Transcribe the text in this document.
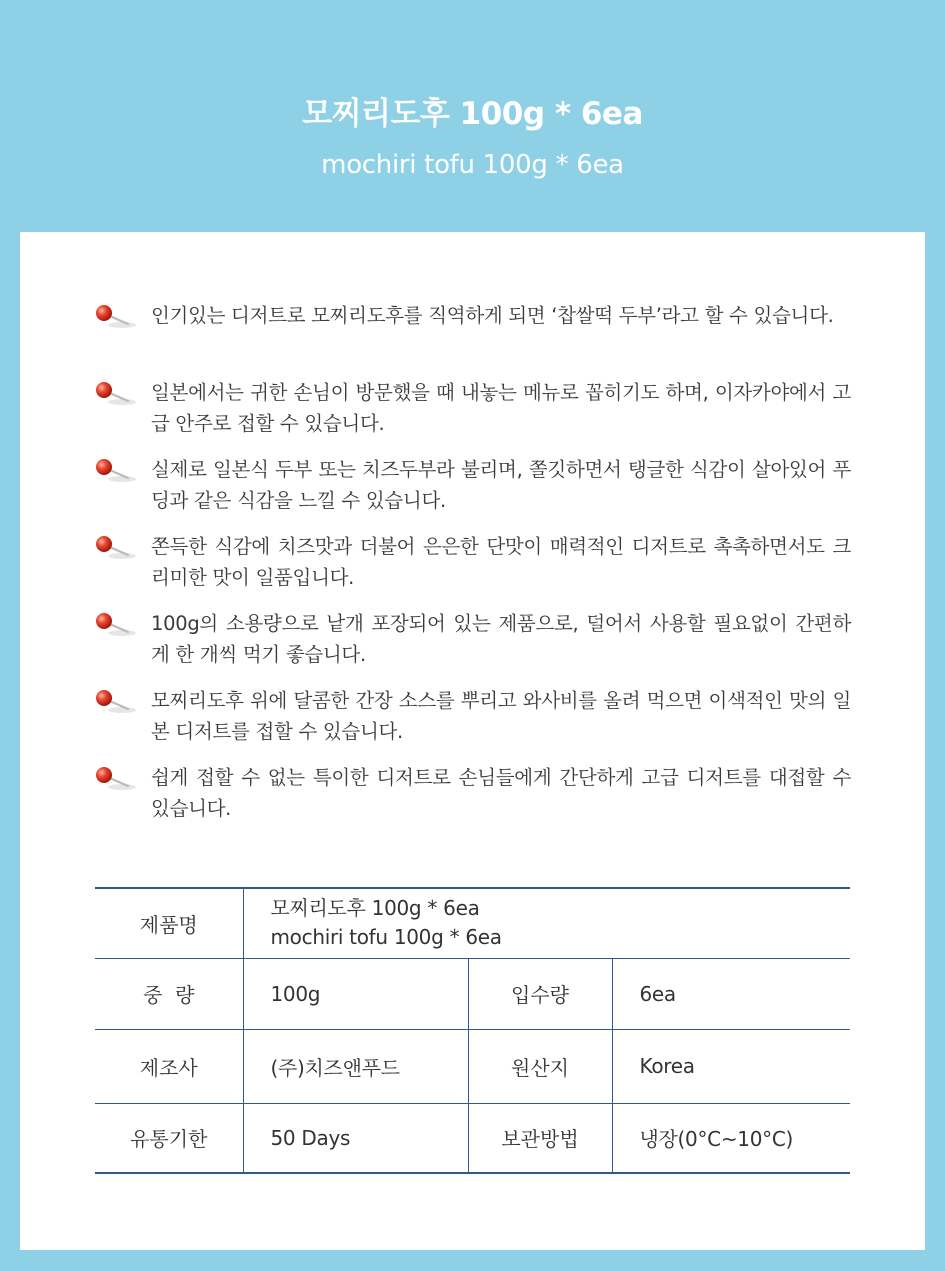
모찌리도후 100g * 6ea
mochiri tofu 100g * 6ea
인기있는 디저트로 모찌리도후를 직역하게 되면 ‘찹쌀떡 두부’라고 할 수 있습니다.
일본에서는 귀한 손님이 방문했을 때 내놓는 메뉴로 꼽히기도 하며, 이자카야에서 고급 안주로 접할 수 있습니다.
실제로 일본식 두부 또는 치즈두부라 불리며, 쫄깃하면서 탱글한 식감이 살아있어 푸딩과 같은 식감을 느낄 수 있습니다.
쫀득한 식감에 치즈맛과 더불어 은은한 단맛이 매력적인 디저트로 촉촉하면서도 크리미한 맛이 일품입니다.
100g의 소용량으로 낱개 포장되어 있는 제품으로, 덜어서 사용할 필요없이 간편하게 한 개씩 먹기 좋습니다.
모찌리도후 위에 달콤한 간장 소스를 뿌리고 와사비를 올려 먹으면 이색적인 맛의 일본 디저트를 접할 수 있습니다.
쉽게 접할 수 없는 특이한 디저트로 손님들에게 간단하게 고급 디저트를 대접할 수 있습니다.
제품명	모찌리도후 100g * 6ea
mochiri tofu 100g * 6ea		

중  량	100g	입수량	6ea
제조사	(주)치즈앤푸드	원산지	Korea
유통기한	50 Days	보관방법	냉장(0°C~10°C)
